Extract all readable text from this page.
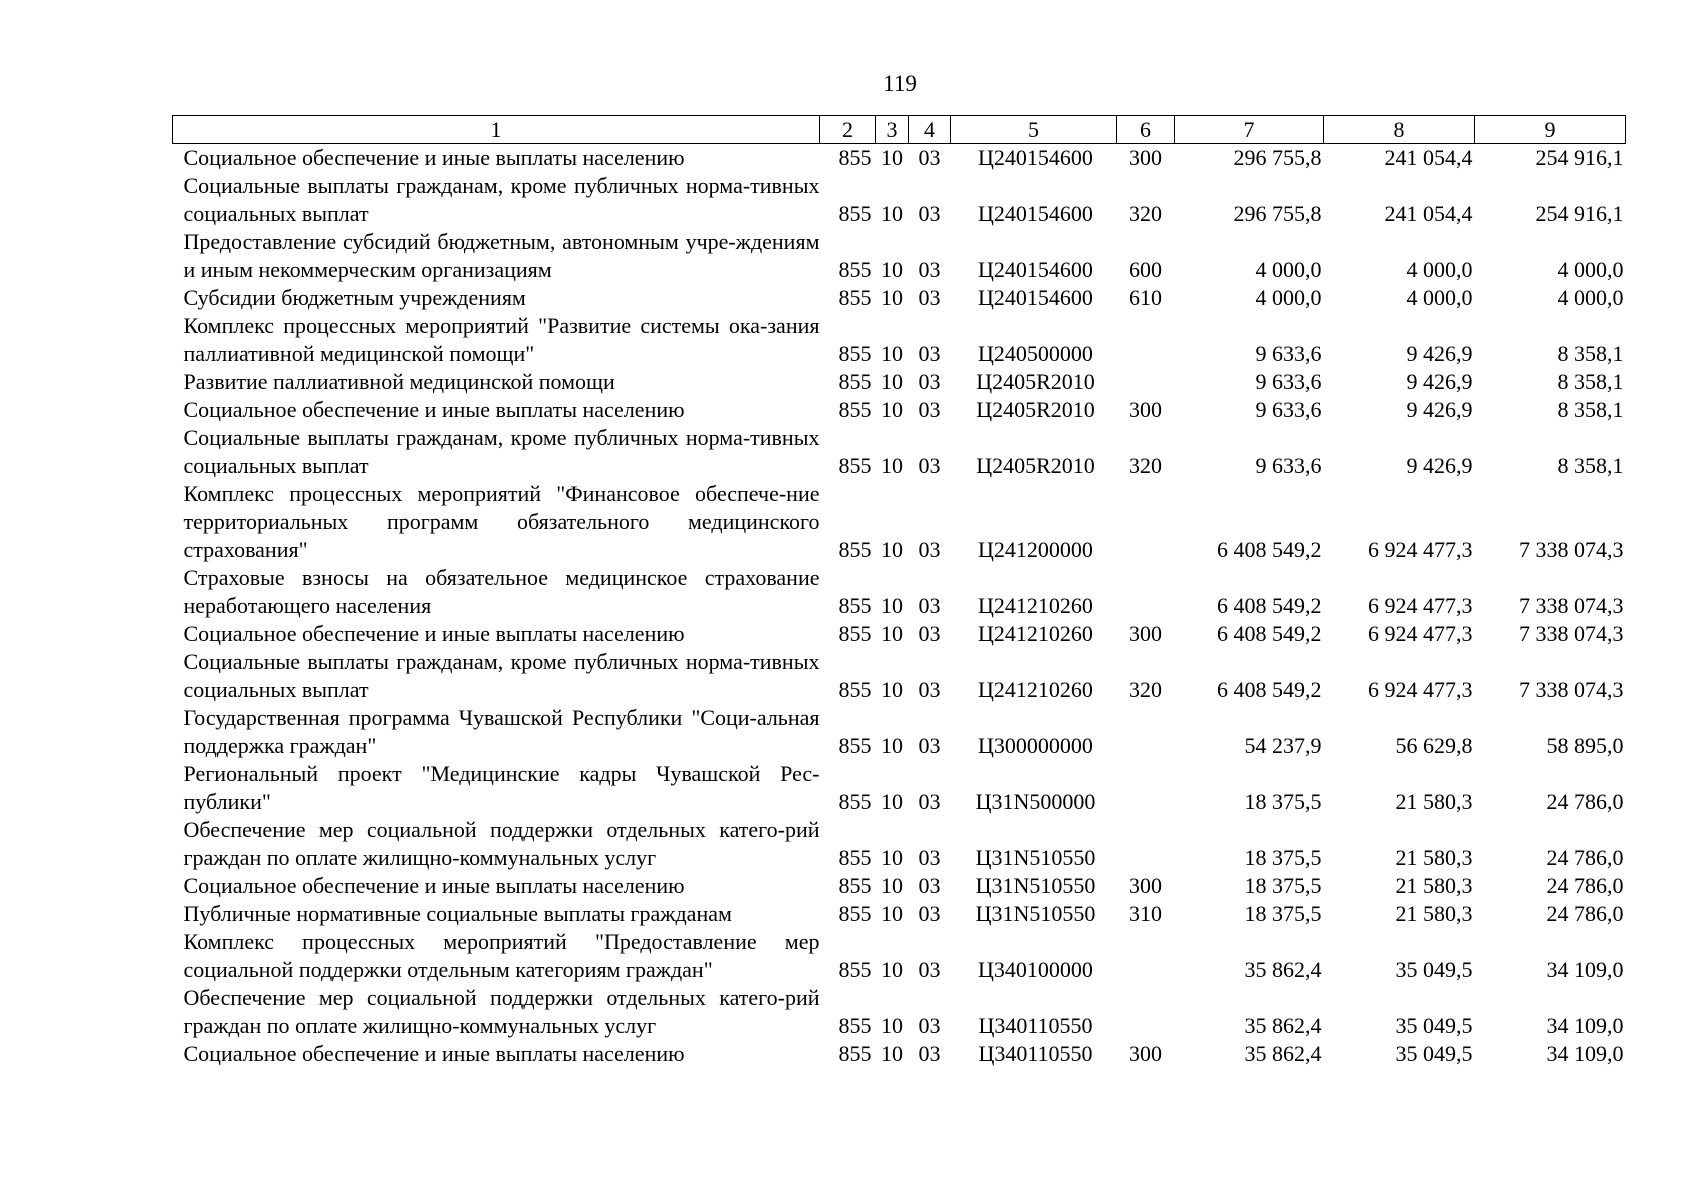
119
1	2	3	4	5	6	7	8	9
Социальное обеспечение и иные выплаты населению	855	10	03	Ц240154600	300	296 755,8	241 054,4	254 916,1
Социальные выплаты гражданам, кроме публичных норма-тивных социальных выплат	855	10	03	Ц240154600	320	296 755,8	241 054,4	254 916,1
Предоставление субсидий бюджетным, автономным учре-ждениям и иным некоммерческим организациям	855	10	03	Ц240154600	600	4 000,0	4 000,0	4 000,0
Субсидии бюджетным учреждениям	855	10	03	Ц240154600	610	4 000,0	4 000,0	4 000,0
Комплекс процессных мероприятий "Развитие системы ока-зания паллиативной медицинской помощи"	855	10	03	Ц240500000		9 633,6	9 426,9	8 358,1
Развитие паллиативной медицинской помощи	855	10	03	Ц2405R2010		9 633,6	9 426,9	8 358,1
Социальное обеспечение и иные выплаты населению	855	10	03	Ц2405R2010	300	9 633,6	9 426,9	8 358,1
Социальные выплаты гражданам, кроме публичных норма-тивных социальных выплат	855	10	03	Ц2405R2010	320	9 633,6	9 426,9	8 358,1
Комплекс процессных мероприятий "Финансовое обеспече-ние территориальных программ обязательного медицинского страхования"	855	10	03	Ц241200000		6 408 549,2	6 924 477,3	7 338 074,3
Страховые взносы на обязательное медицинское страхование неработающего населения	855	10	03	Ц241210260		6 408 549,2	6 924 477,3	7 338 074,3
Социальное обеспечение и иные выплаты населению	855	10	03	Ц241210260	300	6 408 549,2	6 924 477,3	7 338 074,3
Социальные выплаты гражданам, кроме публичных норма-тивных социальных выплат	855	10	03	Ц241210260	320	6 408 549,2	6 924 477,3	7 338 074,3
Государственная программа Чувашской Республики "Соци-альная поддержка граждан"	855	10	03	Ц300000000		54 237,9	56 629,8	58 895,0
Региональный проект "Медицинские кадры Чувашской Рес-публики"	855	10	03	Ц31N500000		18 375,5	21 580,3	24 786,0
Обеспечение мер социальной поддержки отдельных катего-рий граждан по оплате жилищно-коммунальных услуг	855	10	03	Ц31N510550		18 375,5	21 580,3	24 786,0
Социальное обеспечение и иные выплаты населению	855	10	03	Ц31N510550	300	18 375,5	21 580,3	24 786,0
Публичные нормативные социальные выплаты гражданам	855	10	03	Ц31N510550	310	18 375,5	21 580,3	24 786,0
Комплекс процессных мероприятий "Предоставление мер социальной поддержки отдельным категориям граждан"	855	10	03	Ц340100000		35 862,4	35 049,5	34 109,0
Обеспечение мер социальной поддержки отдельных катего-рий граждан по оплате жилищно-коммунальных услуг	855	10	03	Ц340110550		35 862,4	35 049,5	34 109,0
Социальное обеспечение и иные выплаты населению	855	10	03	Ц340110550	300	35 862,4	35 049,5	34 109,0
